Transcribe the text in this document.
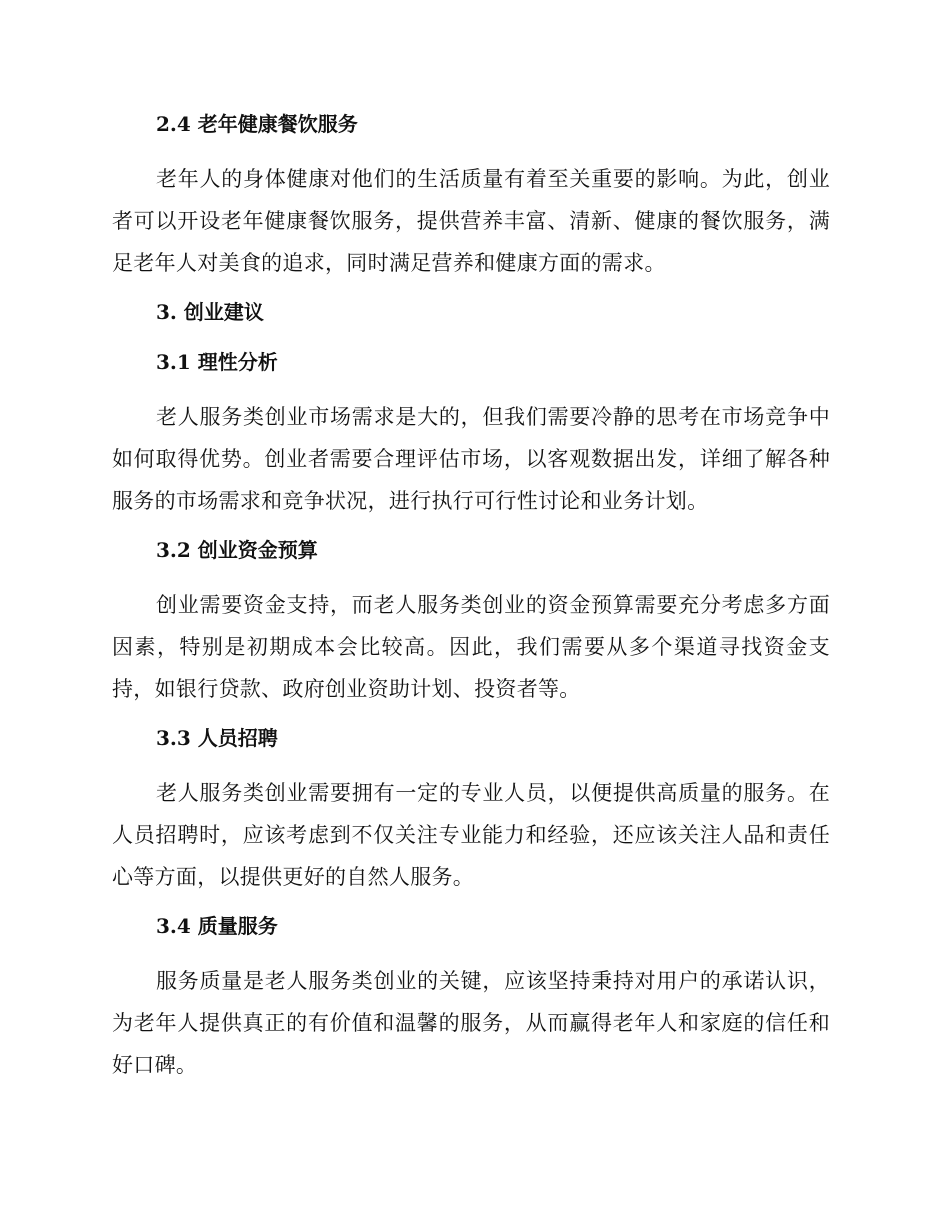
2.4 老年健康餐饮服务

老年人的身体健康对他们的生活质量有着至关重要的影响。为此，创业者可以开设老年健康餐饮服务，提供营养丰富、清新、健康的餐饮服务，满足老年人对美食的追求，同时满足营养和健康方面的需求。

3. 创业建议
3.1 理性分析

老人服务类创业市场需求是大的，但我们需要冷静的思考在市场竞争中如何取得优势。创业者需要合理评估市场，以客观数据出发，详细了解各种服务的市场需求和竞争状况，进行执行可行性讨论和业务计划。

3.2 创业资金预算

创业需要资金支持，而老人服务类创业的资金预算需要充分考虑多方面因素，特别是初期成本会比较高。因此，我们需要从多个渠道寻找资金支持，如银行贷款、政府创业资助计划、投资者等。

3.3 人员招聘

老人服务类创业需要拥有一定的专业人员，以便提供高质量的服务。在人员招聘时，应该考虑到不仅关注专业能力和经验，还应该关注人品和责任心等方面，以提供更好的自然人服务。

3.4 质量服务

服务质量是老人服务类创业的关键，应该坚持秉持对用户的承诺认识，为老年人提供真正的有价值和温馨的服务，从而赢得老年人和家庭的信任和好口碑。
